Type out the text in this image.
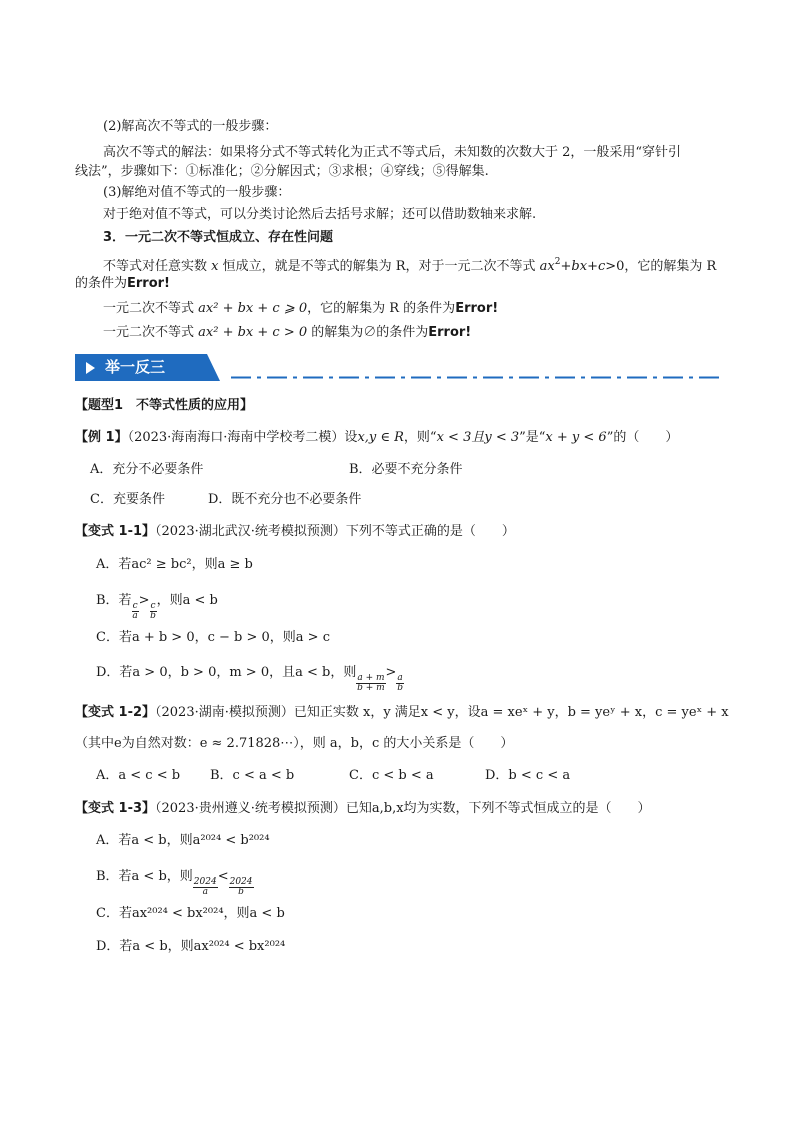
(2)解高次不等式的一般步骤：
高次不等式的解法：如果将分式不等式转化为正式不等式后，未知数的次数大于 2，一般采用“穿针引
线法”，步骤如下：①标准化；②分解因式；③求根；④穿线；⑤得解集.
(3)解绝对值不等式的一般步骤：
对于绝对值不等式，可以分类讨论然后去括号求解；还可以借助数轴来求解.
3．一元二次不等式恒成立、存在性问题
不等式对任意实数 x 恒成立，就是不等式的解集为 R，对于一元二次不等式 $ax^2+bx+c>0$，它的解集为 R
的条件为Error!
一元二次不等式 ax² + bx + c ⩾ 0，它的解集为 R 的条件为Error!
一元二次不等式 ax² + bx + c > 0 的解集为∅的条件为Error!
举一反三
【题型1　不等式性质的应用】
【例 1】（2023·海南海口·海南中学校考二模）设x,y ∈ R，则“x < 3且y < 3”是“x + y < 6”的（　　）
A．充分不必要条件	B．必要不充分条件
C．充要条件	D．既不充分也不必要条件
【变式 1-1】（2023·湖北武汉·统考模拟预测）下列不等式正确的是（　　）
A．若ac² ≥ bc²，则a ≥ b
B．若
$\frac{c}{a}$
>
$\frac{c}{b}$
，则a < b
C．若a + b > 0，c − b > 0，则a > c
D．若a > 0，b > 0，m > 0，且a < b，则
$\frac{a + m}{b + m}$
>
$\frac{a}{b}$
【变式 1-2】（2023·湖南·模拟预测）已知正实数 x，y 满足x < y，设a = xeˣ + y，b = yeʸ + x，c = yeˣ + x
（其中e为自然对数：e ≈ 2.71828⋯），则 a，b，c 的大小关系是（　　）
A．a < c < b B．c < a < b	C．c < b < a	D．b < c < a
【变式 1-3】（2023·贵州遵义·统考模拟预测）已知a,b,x均为实数，下列不等式恒成立的是（　　）
A．若a < b，则a²⁰²⁴ < b²⁰²⁴
B．若a < b，则
$\frac{2024}{a}$
<
$\frac{2024}{b}$
C．若ax²⁰²⁴ < bx²⁰²⁴，则a < b
D．若a < b，则ax²⁰²⁴ < bx²⁰²⁴
